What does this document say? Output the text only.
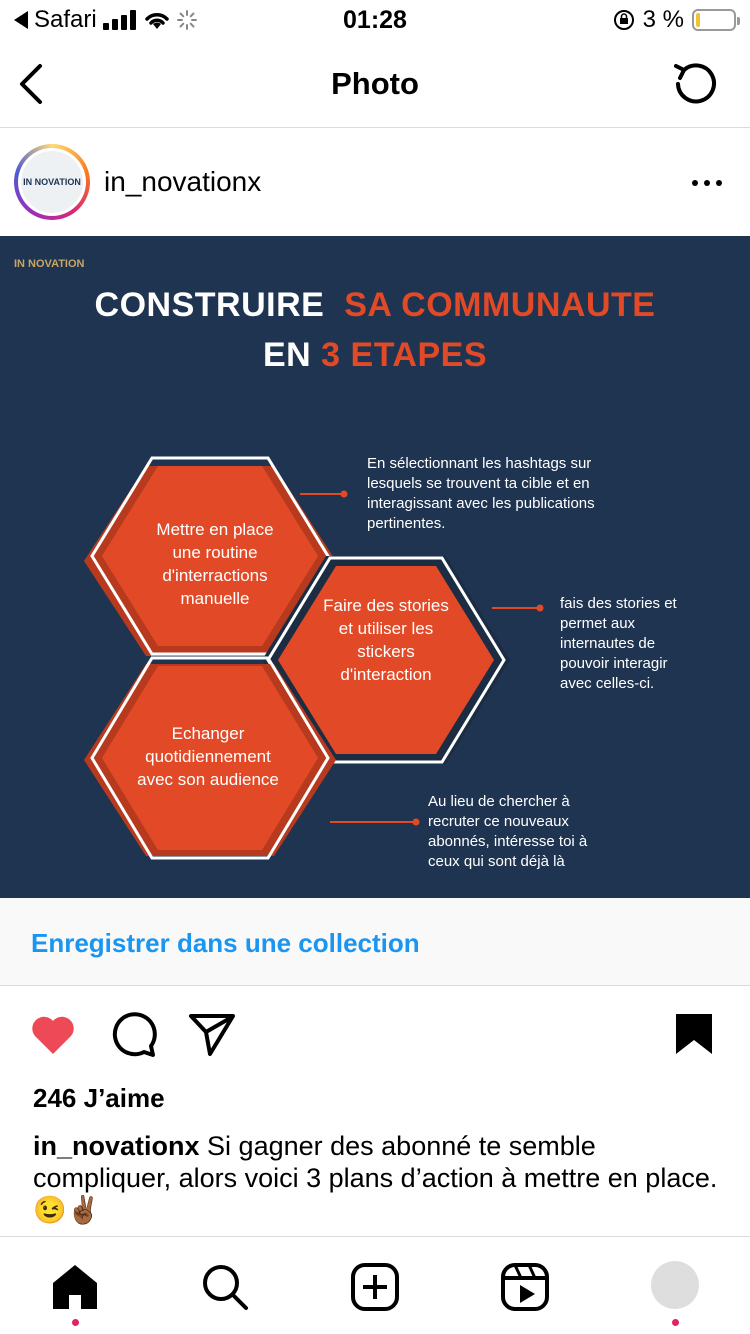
Safari	01:28	3 %
Photo
IN NOVATION in_novationx
IN NOVATION
CONSTRUIRE SA COMMUNAUTE
EN 3 ETAPES
Mettre en place une routine d'interractions manuelle	Faire des stories et utiliser les stickers d'interaction
Echanger quotidiennement avec son audience
En sélectionnant les hashtags sur lesquels se trouvent ta cible et en interagissant avec les publications pertinentes.
fais des stories et permet aux internautes de pouvoir interagir avec celles-ci.
Au lieu de chercher à recruter ce nouveaux abonnés, intéresse toi à ceux qui sont déjà là
Enregistrer dans une collection
246 J’aime
in_novationx Si gagner des abonné te semble compliquer, alors voici 3 plans d’action à mettre en place.😉✌🏾
